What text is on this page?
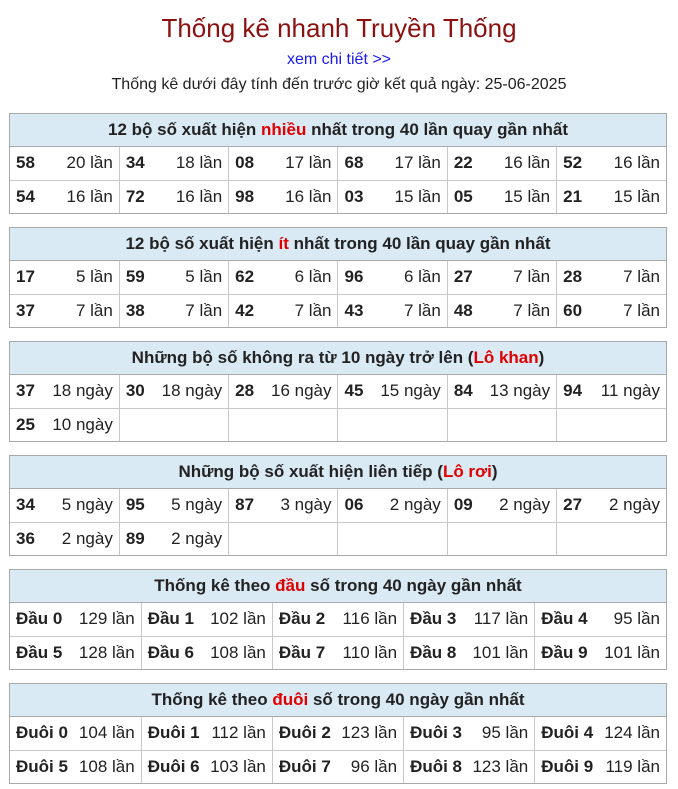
Thống kê nhanh Truyền Thống
xem chi tiết >>
Thống kê dưới đây tính đến trước giờ kết quả ngày: 25-06-2025
12 bộ số xuất hiện nhiều nhất trong 40 lần quay gần nhất
58 20 lần	34 18 lần	08 17 lần	68 17 lần	22 16 lần	52 16 lần

54 16 lần	72 16 lần	98 16 lần	03 15 lần	05 15 lần	21 15 lần
12 bộ số xuất hiện ít nhất trong 40 lần quay gần nhất
17 5 lần	59 5 lần	62 6 lần	96 6 lần	27 7 lần	28 7 lần

37 7 lần	38 7 lần	42 7 lần	43 7 lần	48 7 lần	60 7 lần
Những bộ số không ra từ 10 ngày trở lên (Lô khan)
37 18 ngày	30 18 ngày	28 16 ngày	45 15 ngày	84 13 ngày	94 11 ngày

25 10 ngày					

Những bộ số xuất hiện liên tiếp (Lô rơi)
34 5 ngày	95 5 ngày	87 3 ngày	06 2 ngày	09 2 ngày	27 2 ngày

36 2 ngày	89 2 ngày				

Thống kê theo đầu số trong 40 ngày gần nhất
Đầu 0 129 lần	Đầu 1 102 lần	Đầu 2 116 lần	Đầu 3 117 lần	Đầu 4 95 lần

Đầu 5 128 lần	Đầu 6 108 lần	Đầu 7 110 lần	Đầu 8 101 lần	Đầu 9 101 lần
Thống kê theo đuôi số trong 40 ngày gần nhất
Đuôi 0 104 lần	Đuôi 1 112 lần	Đuôi 2 123 lần	Đuôi 3 95 lần	Đuôi 4 124 lần

Đuôi 5 108 lần	Đuôi 6 103 lần	Đuôi 7 96 lần	Đuôi 8 123 lần	Đuôi 9 119 lần
